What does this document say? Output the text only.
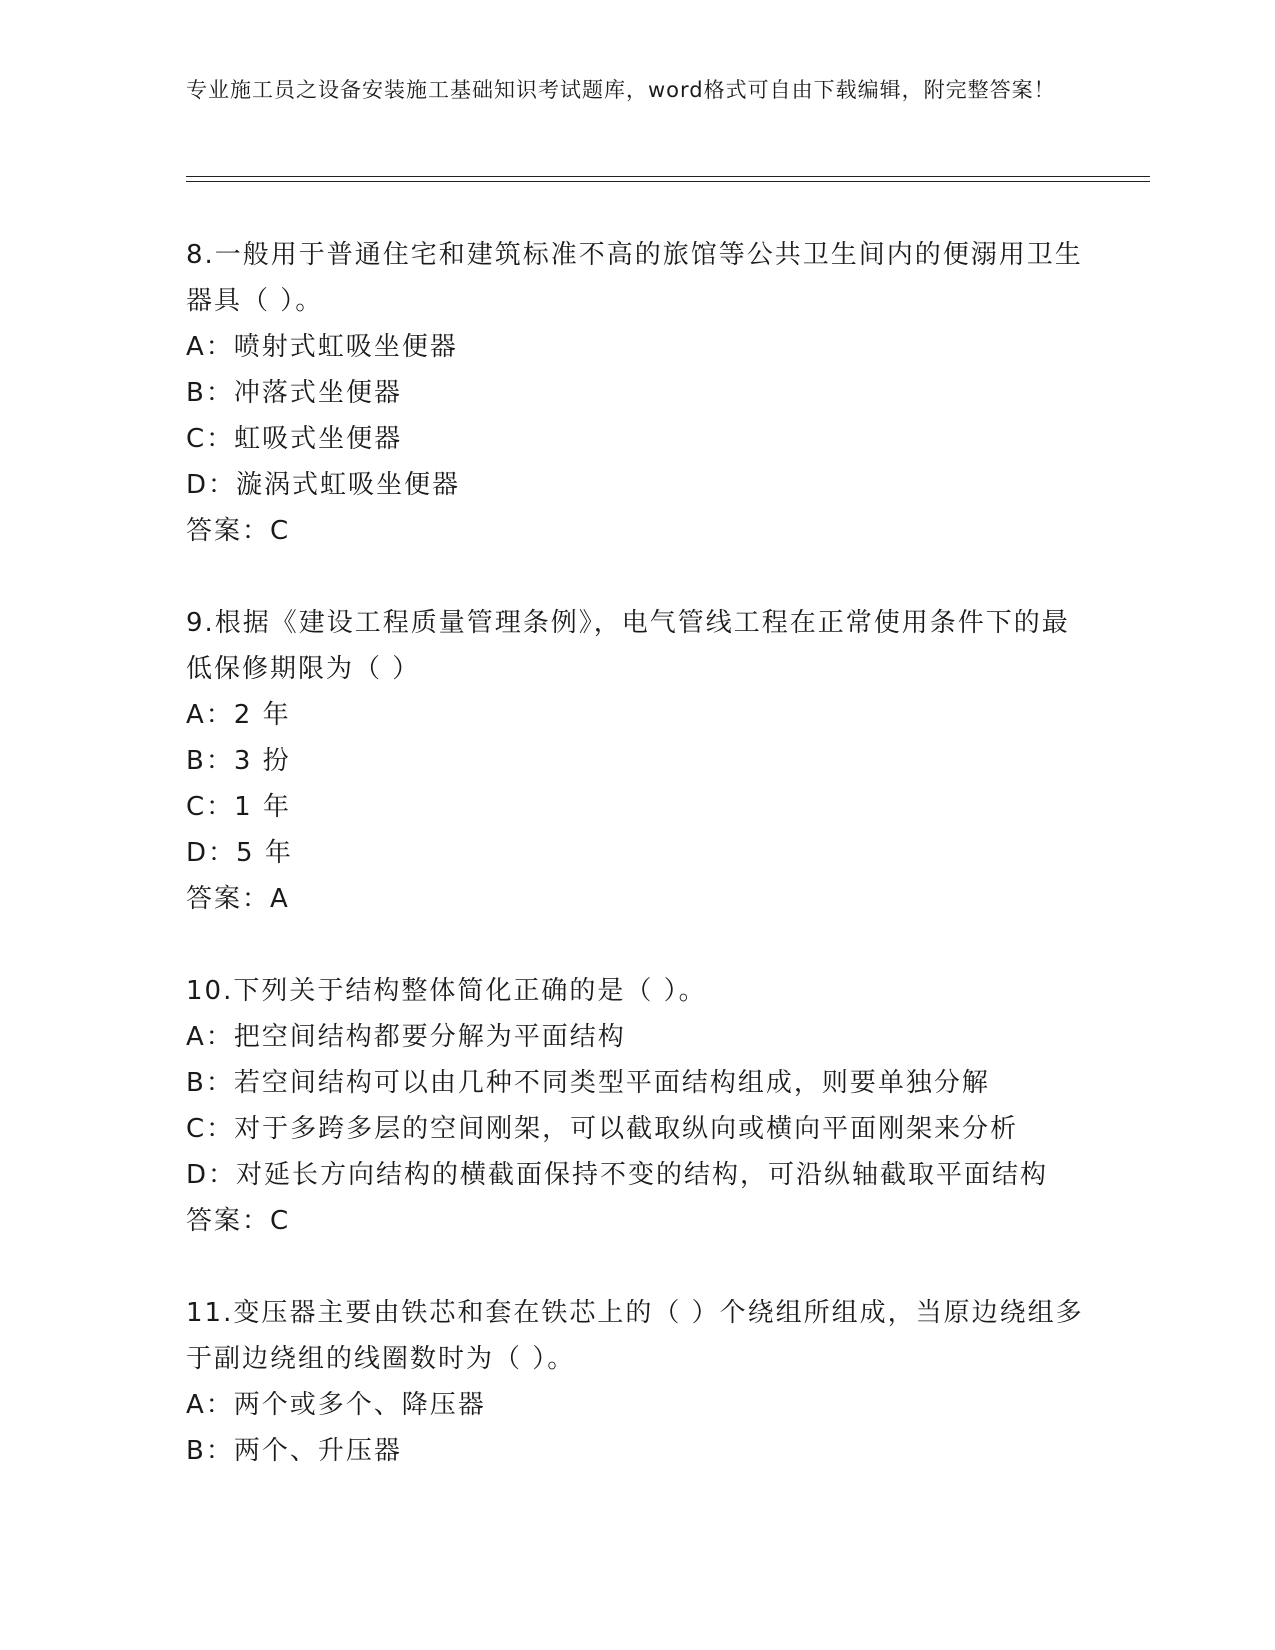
专业施工员之设备安装施工基础知识考试题库，word格式可自由下载编辑，附完整答案！
8.一般用于普通住宅和建筑标准不高的旅馆等公共卫生间内的便溺用卫生器具（ ）。
A：喷射式虹吸坐便器
B：冲落式坐便器
C：虹吸式坐便器
D：漩涡式虹吸坐便器
答案：C
9.根据《建设工程质量管理条例》，电气管线工程在正常使用条件下的最低保修期限为（ ）
A：2 年
B：3 扮
C：1 年
D：5 年
答案：A
10.下列关于结构整体简化正确的是（ ）。
A：把空间结构都要分解为平面结构
B：若空间结构可以由几种不同类型平面结构组成，则要单独分解
C：对于多跨多层的空间刚架，可以截取纵向或横向平面刚架来分析
D：对延长方向结构的横截面保持不变的结构，可沿纵轴截取平面结构
答案：C
11.变压器主要由铁芯和套在铁芯上的（ ）个绕组所组成，当原边绕组多于副边绕组的线圈数时为（ ）。
A：两个或多个、降压器
B：两个、升压器
